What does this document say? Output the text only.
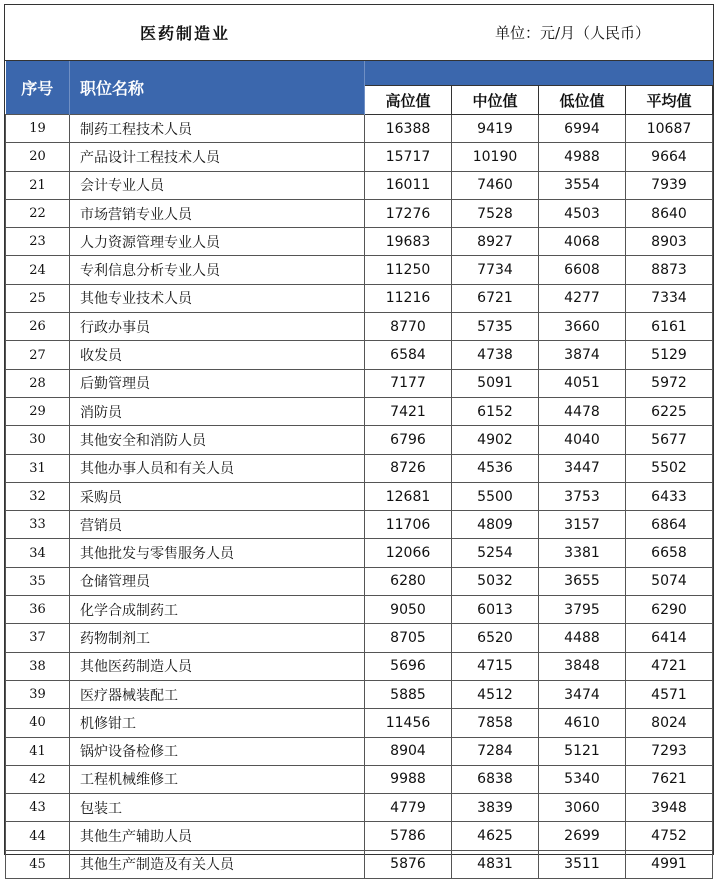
医药制造业	单位：元/月（人民币）
序号	职位名称				
		高位值	中位值	低位值	平均值
19	制药工程技术人员	16388	9419	6994	10687
20	产品设计工程技术人员	15717	10190	4988	9664
21	会计专业人员	16011	7460	3554	7939
22	市场营销专业人员	17276	7528	4503	8640
23	人力资源管理专业人员	19683	8927	4068	8903
24	专利信息分析专业人员	11250	7734	6608	8873
25	其他专业技术人员	11216	6721	4277	7334
26	行政办事员	8770	5735	3660	6161
27	收发员	6584	4738	3874	5129
28	后勤管理员	7177	5091	4051	5972
29	消防员	7421	6152	4478	6225
30	其他安全和消防人员	6796	4902	4040	5677
31	其他办事人员和有关人员	8726	4536	3447	5502
32	采购员	12681	5500	3753	6433
33	营销员	11706	4809	3157	6864
34	其他批发与零售服务人员	12066	5254	3381	6658
35	仓储管理员	6280	5032	3655	5074
36	化学合成制药工	9050	6013	3795	6290
37	药物制剂工	8705	6520	4488	6414
38	其他医药制造人员	5696	4715	3848	4721
39	医疗器械装配工	5885	4512	3474	4571
40	机修钳工	11456	7858	4610	8024
41	锅炉设备检修工	8904	7284	5121	7293
42	工程机械维修工	9988	6838	5340	7621
43	包装工	4779	3839	3060	3948
44	其他生产辅助人员	5786	4625	2699	4752
45	其他生产制造及有关人员	5876	4831	3511	4991
